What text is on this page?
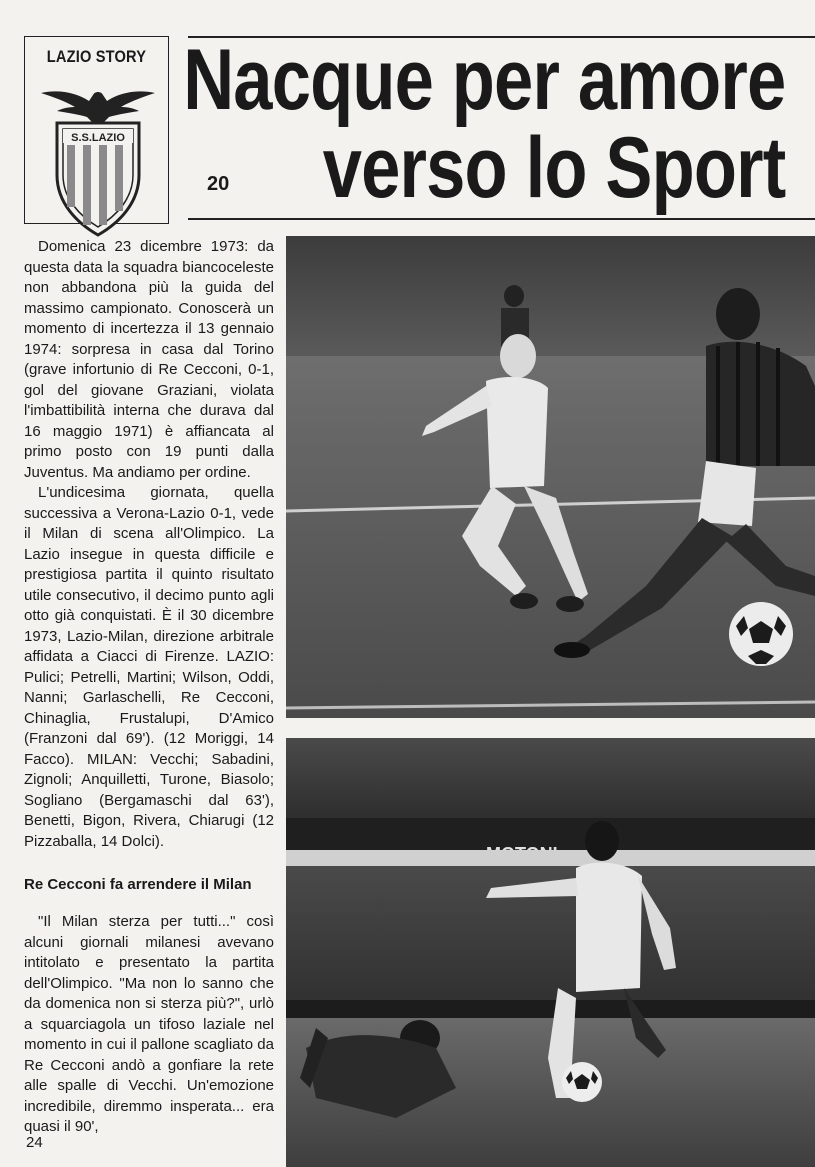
LAZIO STORY
S.S.LAZIO
Nacque per amore
verso lo Sport
20

Domenica 23 dicembre 1973: da questa data la squadra biancoceleste non abbandona più la guida del massimo campionato. Conoscerà un momento di incertezza il 13 gennaio 1974: sorpresa in casa dal Torino (grave infortunio di Re Cecconi, 0-1, gol del giovane Graziani, violata l'imbattibilità interna che durava dal 16 maggio 1971) è affiancata al primo posto con 19 punti dalla Juventus. Ma andiamo per ordine.

L'undicesima giornata, quella successiva a Verona-Lazio 0-1, vede il Milan di scena all'Olimpico. La Lazio insegue in questa difficile e prestigiosa partita il quinto risultato utile consecutivo, il decimo punto agli otto già conquistati. È il 30 dicembre 1973, Lazio-Milan, direzione arbitrale affidata a Ciacci di Firenze. LAZIO: Pulici; Petrelli, Martini; Wilson, Oddi, Nanni; Garlaschelli, Re Cecconi, Chinaglia, Frustalupi, D'Amico (Franzoni dal 69'). (12 Moriggi, 14 Facco). MILAN: Vecchi; Sabadini, Zignoli; Anquilletti, Turone, Biasolo; Sogliano (Bergamaschi dal 63'), Benetti, Bigon, Rivera, Chiarugi (12 Pizzaballa, 14 Dolci).

Re Cecconi fa arrendere il Milan

"Il Milan sterza per tutti..." così alcuni giornali milanesi avevano intitolato e presentato la partita dell'Olimpico. "Ma non lo sanno che da domenica non si sterza più?", urlò a squarciagola un tifoso laziale nel momento in cui il pallone scagliato da Re Cecconi andò a gonfiare la rete alle spalle di Vecchi. Un'emozione incredibile, diremmo insperata... era quasi il 90',

24
